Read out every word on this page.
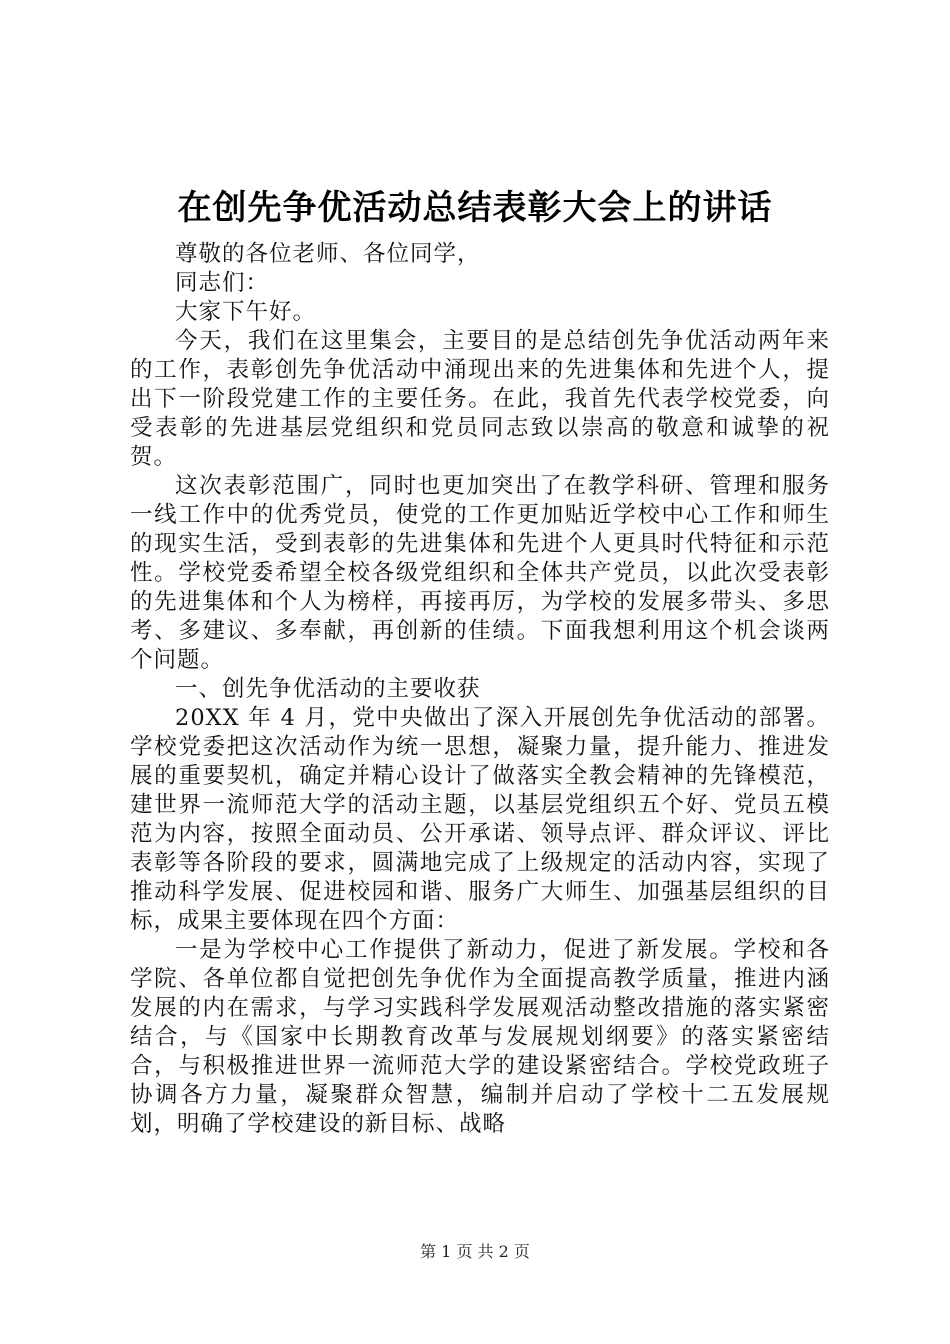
在创先争优活动总结表彰大会上的讲话

尊敬的各位老师、各位同学，

同志们：

大家下午好。

今天，我们在这里集会，主要目的是总结创先争优活动两年来的工作，表彰创先争优活动中涌现出来的先进集体和先进个人，提出下一阶段党建工作的主要任务。在此，我首先代表学校党委，向受表彰的先进基层党组织和党员同志致以崇高的敬意和诚挚的祝贺。

这次表彰范围广，同时也更加突出了在教学科研、管理和服务一线工作中的优秀党员，使党的工作更加贴近学校中心工作和师生的现实生活，受到表彰的先进集体和先进个人更具时代特征和示范性。学校党委希望全校各级党组织和全体共产党员，以此次受表彰的先进集体和个人为榜样，再接再厉，为学校的发展多带头、多思考、多建议、多奉献，再创新的佳绩。下面我想利用这个机会谈两个问题。

一、创先争优活动的主要收获

20XX 年 4 月，党中央做出了深入开展创先争优活动的部署。学校党委把这次活动作为统一思想，凝聚力量，提升能力、推进发展的重要契机，确定并精心设计了做落实全教会精神的先锋模范，建世界一流师范大学的活动主题，以基层党组织五个好、党员五模范为内容，按照全面动员、公开承诺、领导点评、群众评议、评比表彰等各阶段的要求，圆满地完成了上级规定的活动内容，实现了推动科学发展、促进校园和谐、服务广大师生、加强基层组织的目标，成果主要体现在四个方面：

一是为学校中心工作提供了新动力，促进了新发展。学校和各学院、各单位都自觉把创先争优作为全面提高教学质量，推进内涵发展的内在需求，与学习实践科学发展观活动整改措施的落实紧密结合，与《国家中长期教育改革与发展规划纲要》的落实紧密结合，与积极推进世界一流师范大学的建设紧密结合。学校党政班子协调各方力量，凝聚群众智慧，编制并启动了学校十二五发展规划，明确了学校建设的新目标、战略

第 1 页 共 2 页
